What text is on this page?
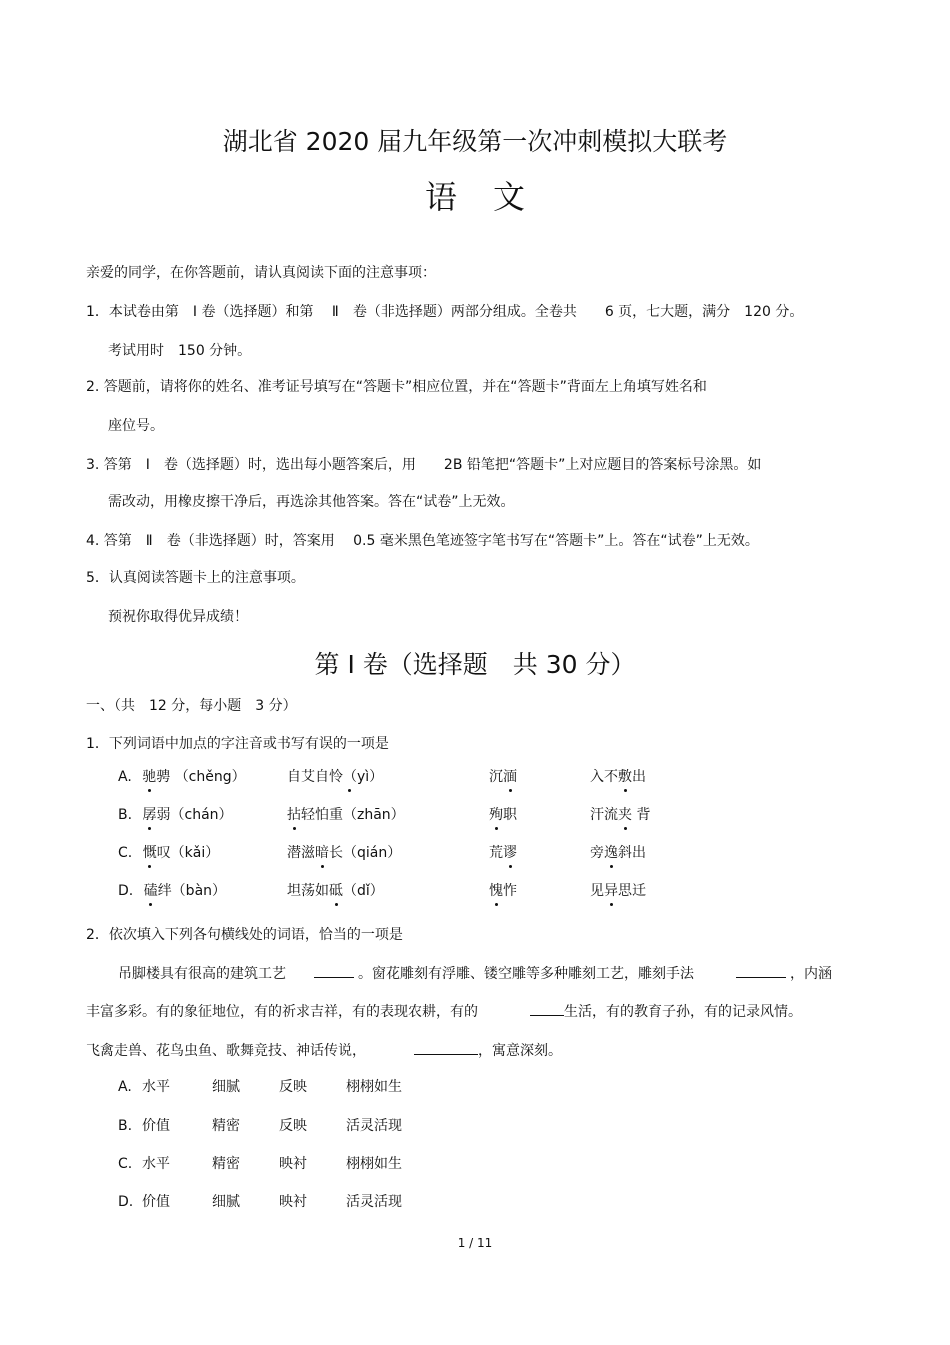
湖北省 2020 届九年级第一次冲刺模拟大联考
语文
亲爱的同学，在你答题前，请认真阅读下面的注意事项：
1．本试卷由第　Ⅰ 卷（选择题）和第　 Ⅱ　卷（非选择题）两部分组成。全卷共　　6 页，七大题，满分　120 分。
考试用时　150 分钟。
2. 答题前，请将你的姓名、准考证号填写在“答题卡”相应位置，并在“答题卡”背面左上角填写姓名和
座位号。
3. 答第　Ⅰ　卷（选择题）时，选出每小题答案后，用　　2B 铅笔把“答题卡”上对应题目的答案标号涂黑。如
需改动，用橡皮擦干净后，再选涂其他答案。答在“试卷”上无效。
4. 答第　Ⅱ　卷（非选择题）时，答案用　 0.5 毫米黑色笔迹签字笔书写在“答题卡”上。答在“试卷”上无效。
5．认真阅读答题卡上的注意事项。
预祝你取得优异成绩！
第 Ⅰ 卷（选择题　共 30 分）
一、（共　12 分，每小题　3 分）
1．下列词语中加点的字注音或书写有误的一项是
A. 驰骋 （chěng）	自艾自怜（yì）	沉湎	入不敷出
B. 孱弱（chán）	拈轻怕重（zhān）	殉职	汗流夹 背
C. 慨叹（kǎi）	潜滋暗长（qián）	荒谬	旁逸斜出
D. 磕绊（bàn）	坦荡如砥（dǐ）	愧怍	见异思迁
2．依次填入下列各句横线处的词语，恰当的一项是
吊脚楼具有很高的建筑工艺	。窗花雕刻有浮雕、镂空雕等多种雕刻工艺，雕刻手法	，内涵
丰富多彩。有的象征地位，有的祈求吉祥，有的表现农耕，有的	生活，有的教育子孙，有的记录风情。
飞禽走兽、花鸟虫鱼、歌舞竞技、神话传说，	，寓意深刻。
A. 水平	细腻	反映	栩栩如生
B. 价值	精密	反映	活灵活现
C. 水平	精密	映衬	栩栩如生
D. 价值	细腻	映衬	活灵活现
1 / 11
